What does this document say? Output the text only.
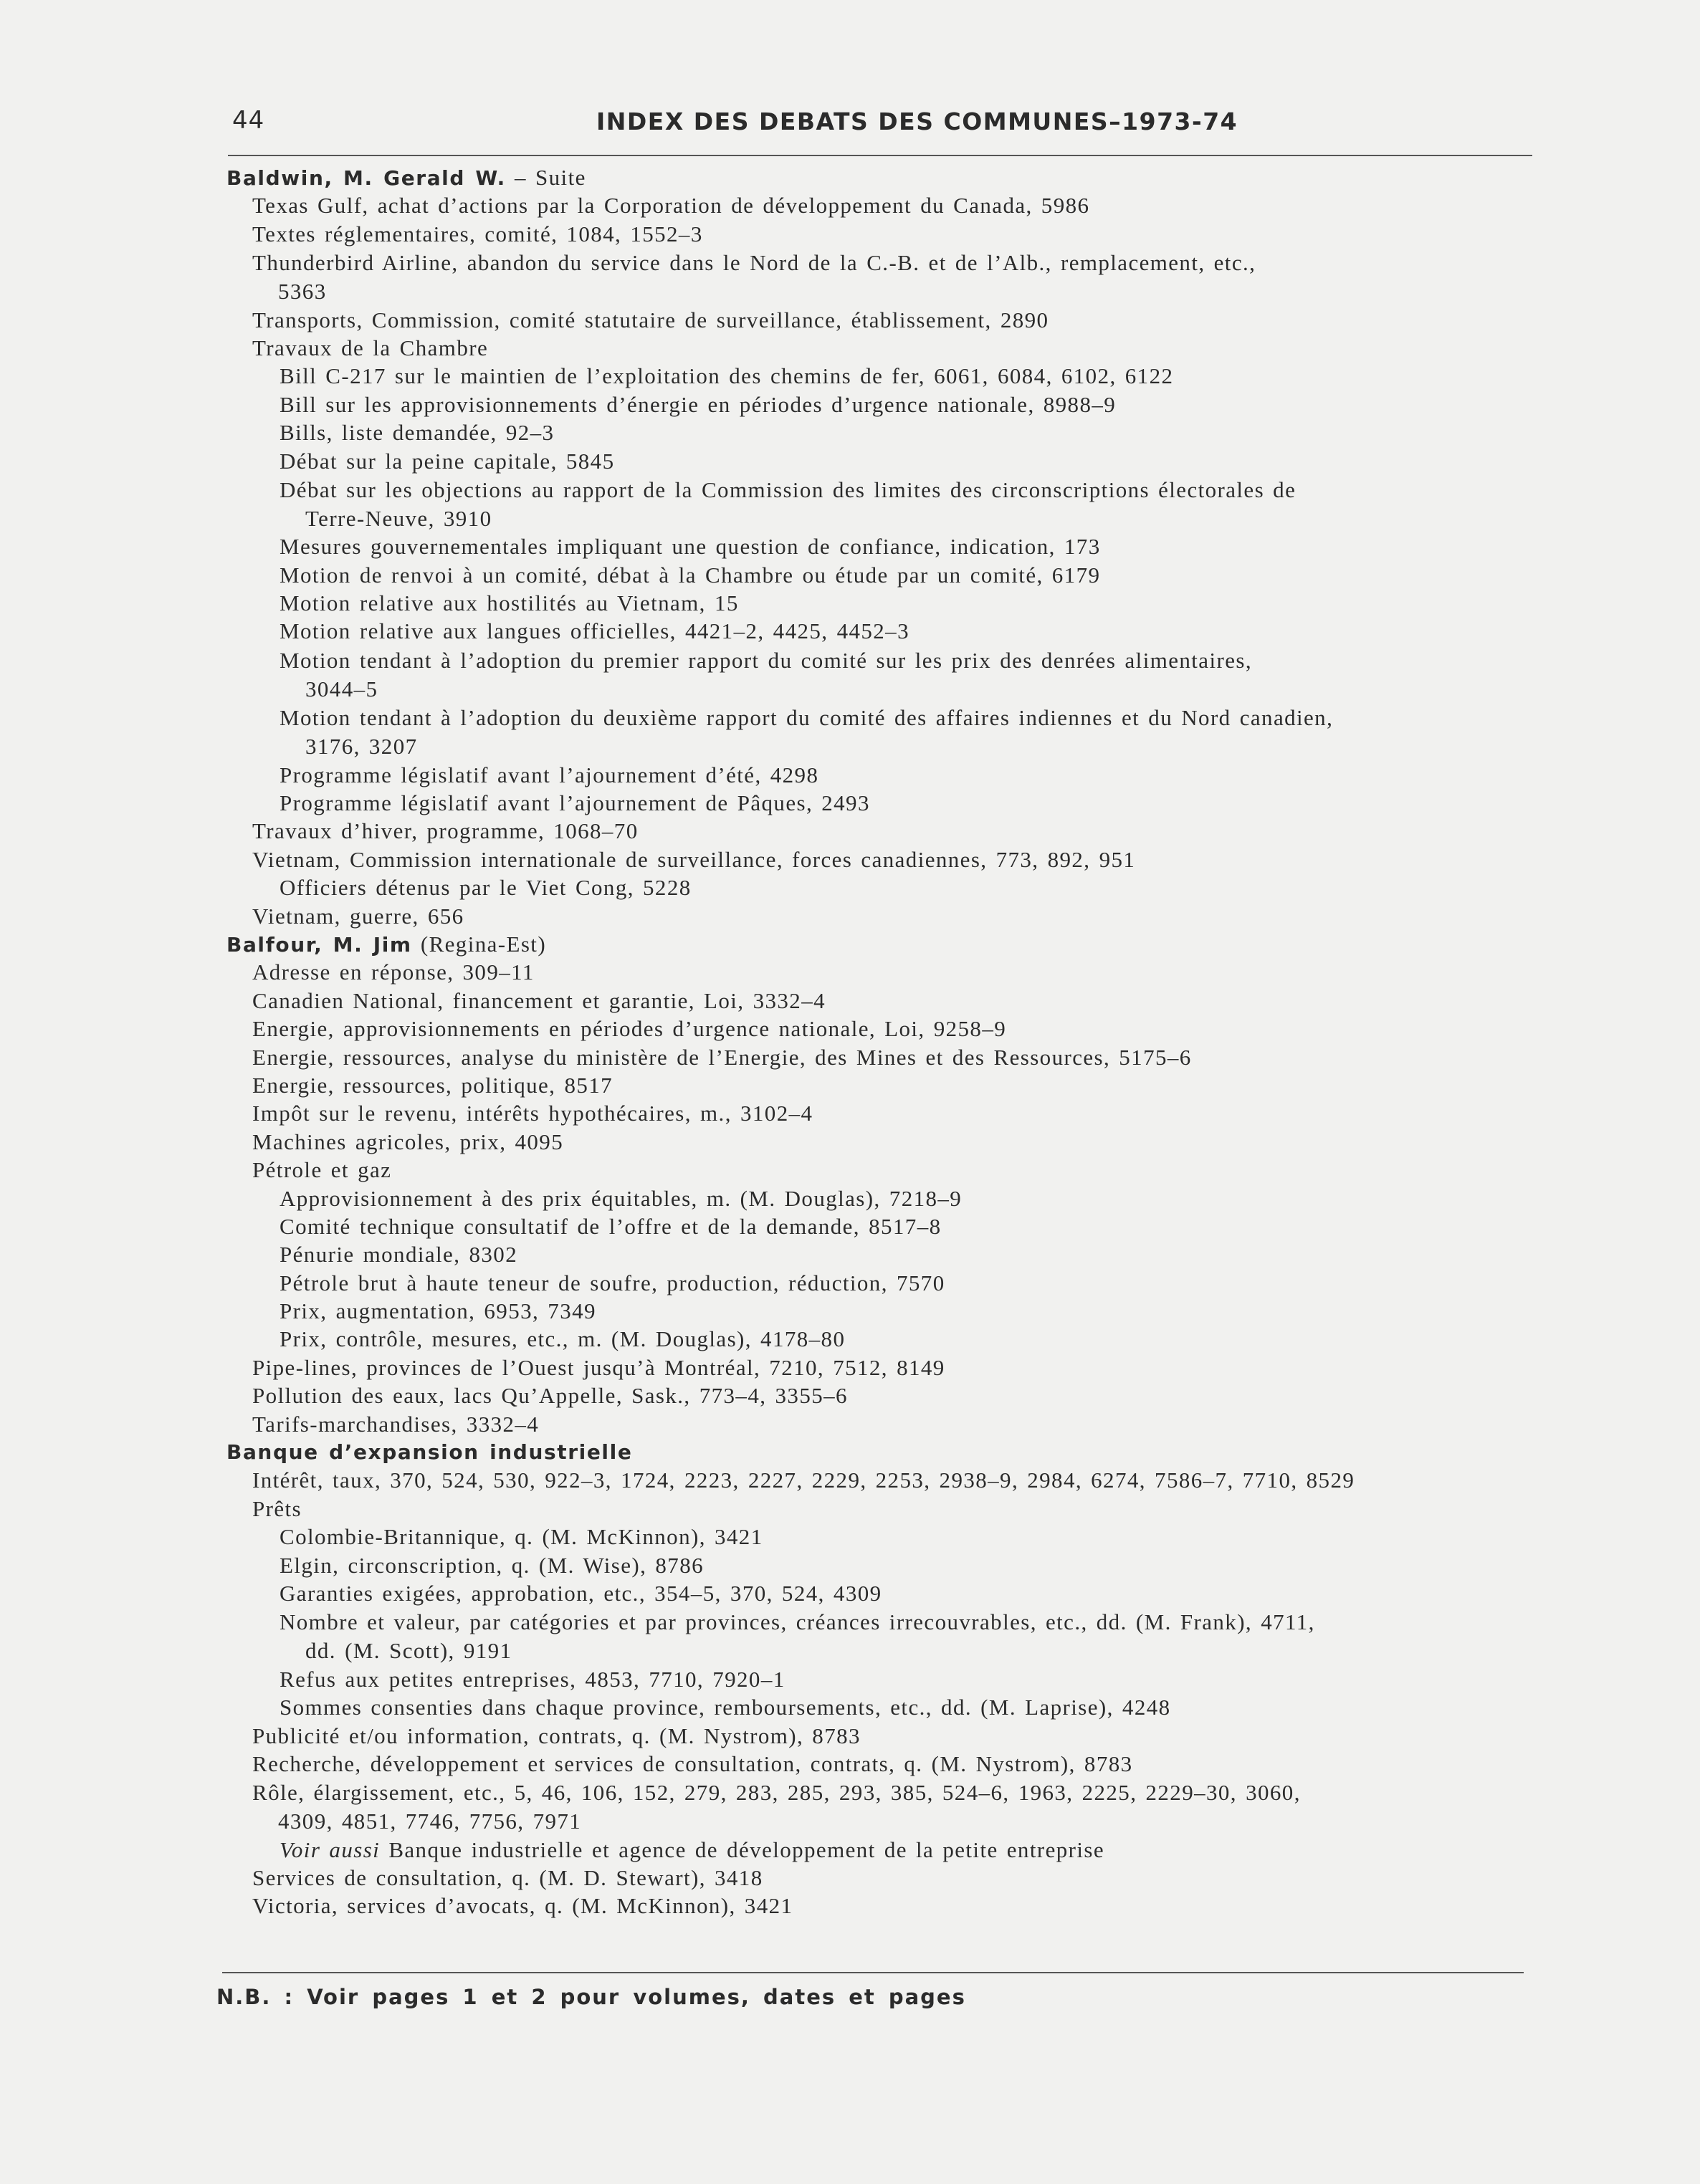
44	INDEX DES DEBATS DES COMMUNES–1973-74
Baldwin, M. Gerald W. – Suite
Texas Gulf, achat d’actions par la Corporation de développement du Canada, 5986
Textes réglementaires, comité, 1084, 1552–3
Thunderbird Airline, abandon du service dans le Nord de la C.-B. et de l’Alb., remplacement, etc.,
5363
Transports, Commission, comité statutaire de surveillance, établissement, 2890
Travaux de la Chambre
Bill C-217 sur le maintien de l’exploitation des chemins de fer, 6061, 6084, 6102, 6122
Bill sur les approvisionnements d’énergie en périodes d’urgence nationale, 8988–9
Bills, liste demandée, 92–3
Débat sur la peine capitale, 5845
Débat sur les objections au rapport de la Commission des limites des circonscriptions électorales de
Terre-Neuve, 3910
Mesures gouvernementales impliquant une question de confiance, indication, 173
Motion de renvoi à un comité, débat à la Chambre ou étude par un comité, 6179
Motion relative aux hostilités au Vietnam, 15
Motion relative aux langues officielles, 4421–2, 4425, 4452–3
Motion tendant à l’adoption du premier rapport du comité sur les prix des denrées alimentaires,
3044–5
Motion tendant à l’adoption du deuxième rapport du comité des affaires indiennes et du Nord canadien,
3176, 3207
Programme législatif avant l’ajournement d’été, 4298
Programme législatif avant l’ajournement de Pâques, 2493
Travaux d’hiver, programme, 1068–70
Vietnam, Commission internationale de surveillance, forces canadiennes, 773, 892, 951
Officiers détenus par le Viet Cong, 5228
Vietnam, guerre, 656
Balfour, M. Jim (Regina-Est)
Adresse en réponse, 309–11
Canadien National, financement et garantie, Loi, 3332–4
Energie, approvisionnements en périodes d’urgence nationale, Loi, 9258–9
Energie, ressources, analyse du ministère de l’Energie, des Mines et des Ressources, 5175–6
Energie, ressources, politique, 8517
Impôt sur le revenu, intérêts hypothécaires, m., 3102–4
Machines agricoles, prix, 4095
Pétrole et gaz
Approvisionnement à des prix équitables, m. (M. Douglas), 7218–9
Comité technique consultatif de l’offre et de la demande, 8517–8
Pénurie mondiale, 8302
Pétrole brut à haute teneur de soufre, production, réduction, 7570
Prix, augmentation, 6953, 7349
Prix, contrôle, mesures, etc., m. (M. Douglas), 4178–80
Pipe-lines, provinces de l’Ouest jusqu’à Montréal, 7210, 7512, 8149
Pollution des eaux, lacs Qu’Appelle, Sask., 773–4, 3355–6
Tarifs-marchandises, 3332–4
Banque d’expansion industrielle
Intérêt, taux, 370, 524, 530, 922–3, 1724, 2223, 2227, 2229, 2253, 2938–9, 2984, 6274, 7586–7, 7710, 8529
Prêts
Colombie-Britannique, q. (M. McKinnon), 3421
Elgin, circonscription, q. (M. Wise), 8786
Garanties exigées, approbation, etc., 354–5, 370, 524, 4309
Nombre et valeur, par catégories et par provinces, créances irrecouvrables, etc., dd. (M. Frank), 4711,
dd. (M. Scott), 9191
Refus aux petites entreprises, 4853, 7710, 7920–1
Sommes consenties dans chaque province, remboursements, etc., dd. (M. Laprise), 4248
Publicité et/ou information, contrats, q. (M. Nystrom), 8783
Recherche, développement et services de consultation, contrats, q. (M. Nystrom), 8783
Rôle, élargissement, etc., 5, 46, 106, 152, 279, 283, 285, 293, 385, 524–6, 1963, 2225, 2229–30, 3060,
4309, 4851, 7746, 7756, 7971
Voir aussi Banque industrielle et agence de développement de la petite entreprise
Services de consultation, q. (M. D. Stewart), 3418
Victoria, services d’avocats, q. (M. McKinnon), 3421
N.B. : Voir pages 1 et 2 pour volumes, dates et pages
